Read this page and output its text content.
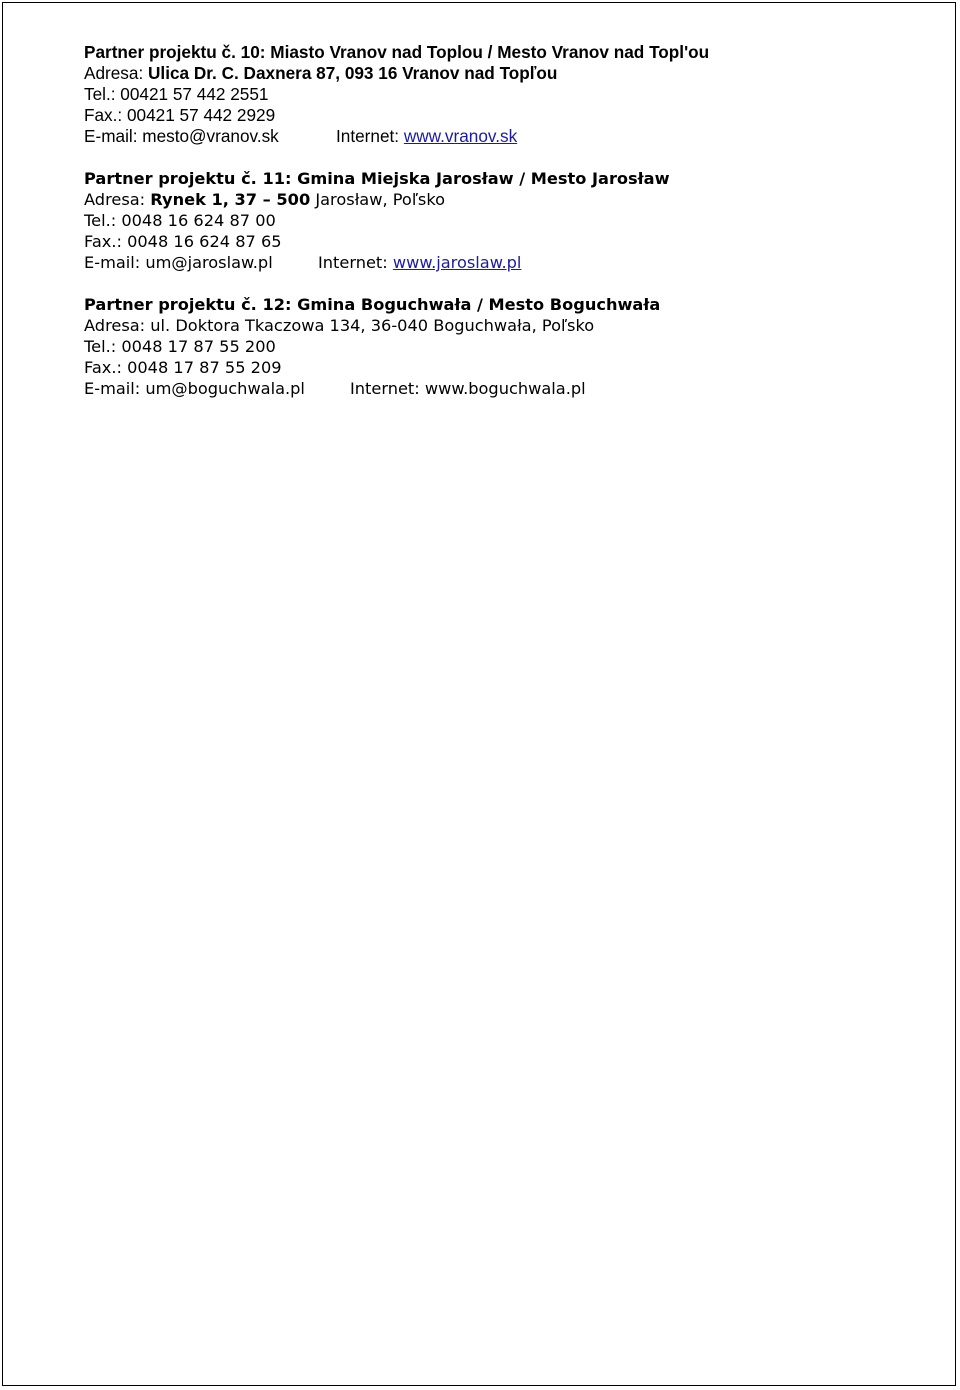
Partner projektu č. 10: Miasto Vranov nad Toplou / Mesto Vranov nad Topl'ou
Adresa: Ulica Dr. C. Daxnera 87, 093 16 Vranov nad Topľou
Tel.: 00421 57 442 2551
Fax.: 00421 57 442 2929
E-mail: mesto@vranov.sk	Internet: www.vranov.sk
Partner projektu č. 11: Gmina Miejska Jarosław / Mesto Jarosław
Adresa: Rynek 1, 37 – 500 Jarosław, Poľsko
Tel.: 0048 16 624 87 00
Fax.: 0048 16 624 87 65
E-mail: um@jaroslaw.pl	Internet: www.jaroslaw.pl
Partner projektu č. 12: Gmina Boguchwała / Mesto Boguchwała
Adresa: ul. Doktora Tkaczowa 134, 36-040 Boguchwała, Poľsko
Tel.: 0048 17 87 55 200
Fax.: 0048 17 87 55 209
E-mail: um@boguchwala.pl	Internet: www.boguchwala.pl
